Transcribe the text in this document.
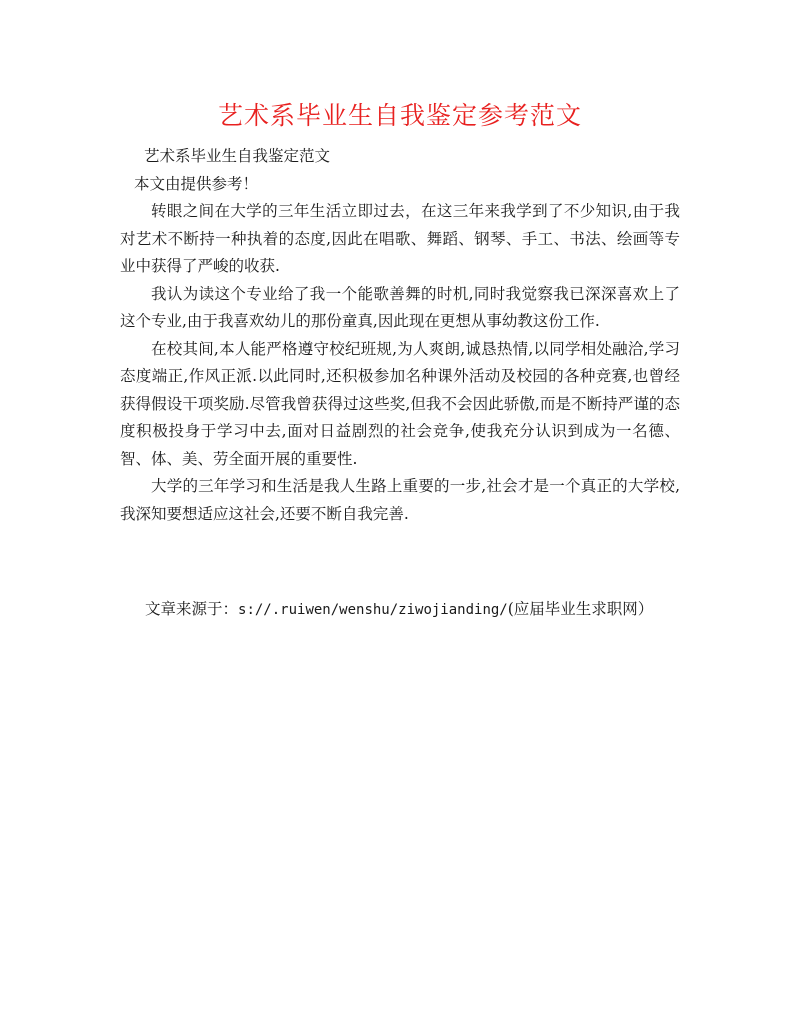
艺术系毕业生自我鉴定参考范文

艺术系毕业生自我鉴定范文

本文由提供参考！

转眼之间在大学的三年生活立即过去，在这三年来我学到了不少知识,由于我对艺术不断持一种执着的态度,因此在唱歌、舞蹈、钢琴、手工、书法、绘画等专业中获得了严峻的收获.

我认为读这个专业给了我一个能歌善舞的时机,同时我觉察我已深深喜欢上了这个专业,由于我喜欢幼儿的那份童真,因此现在更想从事幼教这份工作.

在校其间,本人能严格遵守校纪班规,为人爽朗,诚恳热情,以同学相处融洽,学习态度端正,作风正派.以此同时,还积极参加名种课外活动及校园的各种竞赛,也曾经获得假设干项奖励.尽管我曾获得过这些奖,但我不会因此骄傲,而是不断持严谨的态度积极投身于学习中去,面对日益剧烈的社会竞争,使我充分认识到成为一名德、智、体、美、劳全面开展的重要性.

大学的三年学习和生活是我人生路上重要的一步,社会才是一个真正的大学校,我深知要想适应这社会,还要不断自我完善.

文章来源于：s://.ruiwen/wenshu/ziwojianding/(应届毕业生求职网）
